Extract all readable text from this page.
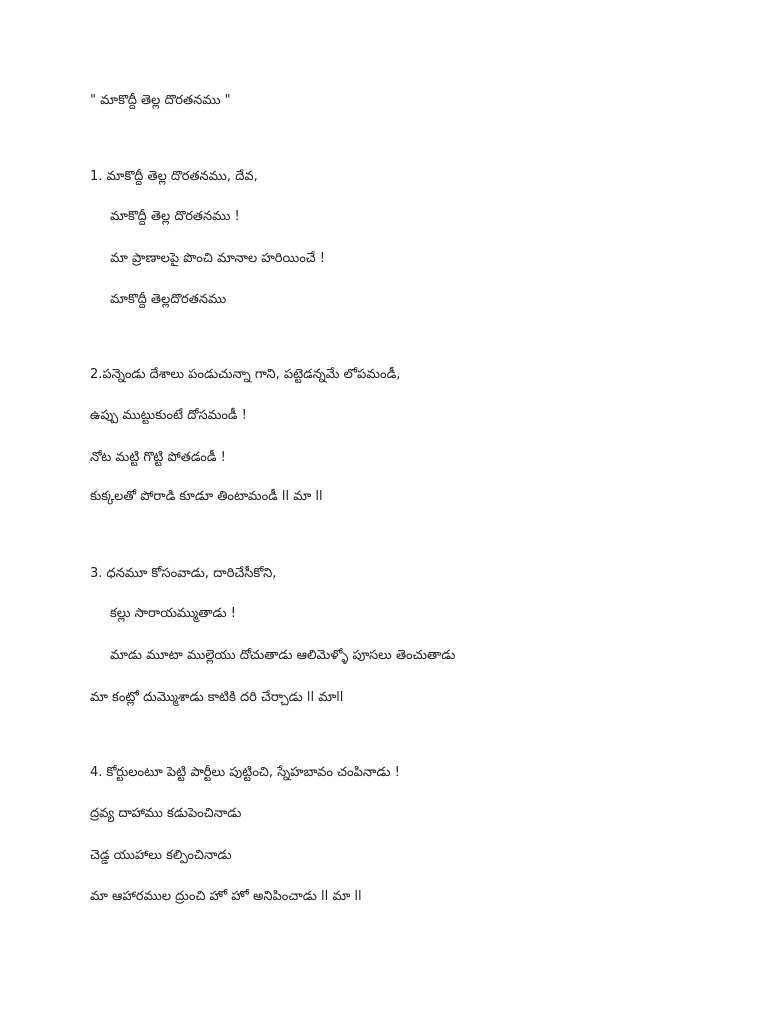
" మాకొద్దీ తెల్ల దొరతనము "
1. మాకొద్దీ తెల్ల దొరతనము, దేవ,
మాకొద్దీ తెల్ల దొరతనము !
మా ప్రాణాలపై పొంచి మానాల హరియించే !
మాకొద్దీ తెల్లదొరతనము
2.పన్నెండు దేశాలు పండుచున్నా గాని, పట్టెడన్నమే లోపమండీ,
ఉప్పు ముట్టుకుంటే దోసమండీ !
నోట మట్టి గొట్టి పోతడండీ !
కుక్కలతో పోరాడి కూడూ తింటామండీ ll మా ll
3. ధనమూ కోసంవాడు, దారిచేసీకోని,
కల్లు సారాయమ్ముతాడు !
మాడు మూటా ముల్లెయు దోచుతాడు ఆలిమెళ్ళో పూసలు తెంచుతాడు
మా కంట్లో దుమ్మొశాడు కాటికి దరి చేర్చాడు ll మాll
4. కోర్టులంటూ పెట్టి పార్టీలు పుట్టించి, స్నేహబావం చంపినాడు !
ద్రవ్య దాహాము కడుపెంచినాడు
చెడ్డ యుహాలు కల్పించినాడు
మా ఆహారముల ద్రుంచి హో హో అనిపించాడు ll మా ll
